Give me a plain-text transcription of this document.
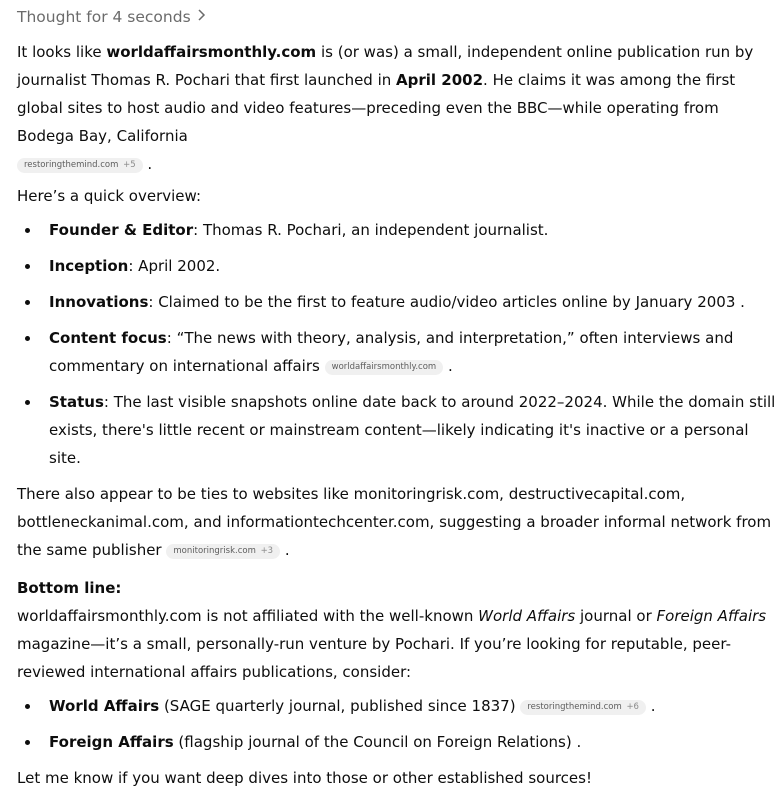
Thought for 4 seconds

It looks like worldaffairsmonthly.com is (or was) a small, independent online publication run by journalist Thomas R. Pochari that first launched in April 2002. He claims it was among the first global sites to host audio and video features—preceding even the BBC—while operating from Bodega Bay, California
restoringthemind.com +5 .

Here’s a quick overview:

Founder & Editor: Thomas R. Pochari, an independent journalist.
Inception: April 2002.
Innovations: Claimed to be the first to feature audio/video articles online by January 2003 .
Content focus: “The news with theory, analysis, and interpretation,” often interviews and commentary on international affairs worldaffairsmonthly.com .
Status: The last visible snapshots online date back to around 2022–2024. While the domain still exists, there's little recent or mainstream content—likely indicating it's inactive or a personal site.

There also appear to be ties to websites like monitoringrisk.com, destructivecapital.com, bottleneckanimal.com, and informationtechcenter.com, suggesting a broader informal network from the same publisher monitoringrisk.com +3 .

Bottom line:

worldaffairsmonthly.com is not affiliated with the well-known World Affairs journal or Foreign Affairs magazine—it’s a small, personally-run venture by Pochari. If you’re looking for reputable, peer-reviewed international affairs publications, consider:

World Affairs (SAGE quarterly journal, published since 1837) restoringthemind.com +6 .
Foreign Affairs (flagship journal of the Council on Foreign Relations) .

Let me know if you want deep dives into those or other established sources!
